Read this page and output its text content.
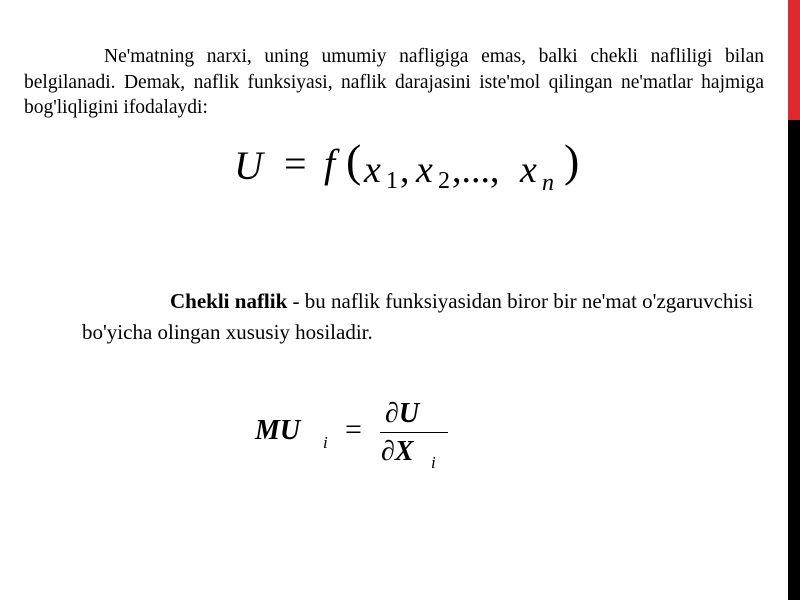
Ne'matning narxi, uning umumiy nafligiga emas, balki chekli nafliligi bilan belgilanadi. Demak, naflik funksiyasi, naflik darajasini iste'mol qilingan ne'matlar hajmiga bog'liqligini ifodalaydi:

U = f ( x 1 , x 2 ,..., x n )

Chekli naflik - bu naflik funksiyasidan biror bir ne'mat o'zgaruvchisi bo'yicha olingan xususiy hosiladir.

MU i = ∂U
∂X i
